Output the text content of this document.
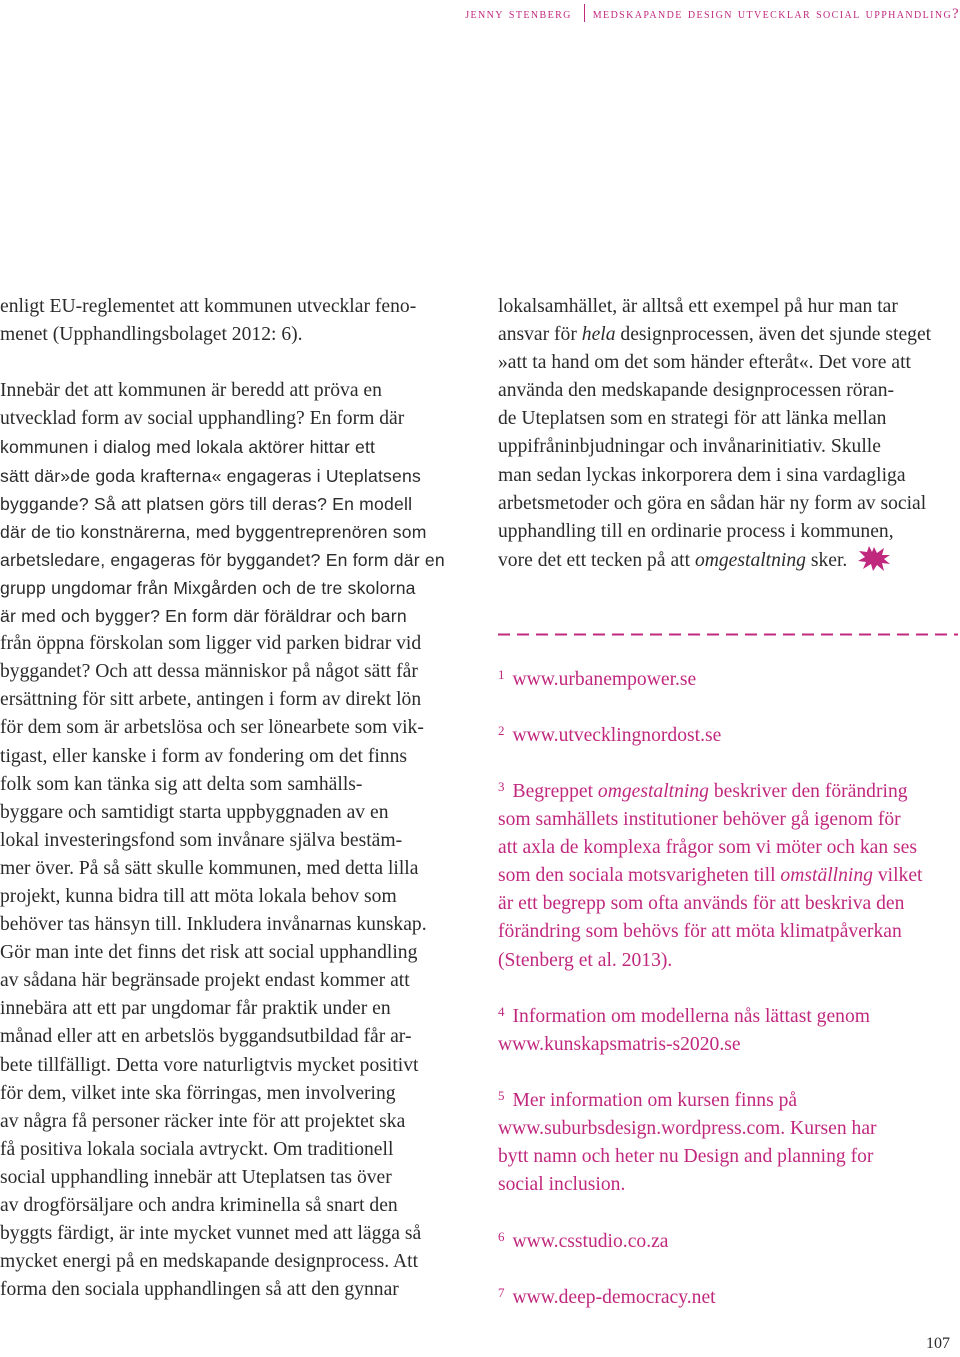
jenny stenberg medskapande design utvecklar social upphandling?

enligt EU-reglementet att kommunen utvecklar feno-
menet (Upphandlingsbolaget 2012: 6).

Innebär det att kommunen är beredd att pröva en
utvecklad form av social upphandling? En form där
kommunen i dialog med lokala aktörer hittar ett
sätt där»de goda krafterna« engageras i Uteplatsens
byggande? Så att platsen görs till deras? En modell
där de tio konstnärerna, med byggentreprenören som
arbetsledare, engageras för byggandet? En form där en
grupp ungdomar från Mixgården och de tre skolorna
är med och bygger? En form där föräldrar och barn
från öppna förskolan som ligger vid parken bidrar vid
byggandet? Och att dessa människor på något sätt får
ersättning för sitt arbete, antingen i form av direkt lön
för dem som är arbetslösa och ser lönearbete som vik-
tigast, eller kanske i form av fondering om det finns
folk som kan tänka sig att delta som samhälls-
byggare och samtidigt starta uppbyggnaden av en
lokal investeringsfond som invånare själva bestäm-
mer över. På så sätt skulle kommunen, med detta lilla
projekt, kunna bidra till att möta lokala behov som
behöver tas hänsyn till. Inkludera invånarnas kunskap.
Gör man inte det finns det risk att social upphandling
av sådana här begränsade projekt endast kommer att
innebära att ett par ungdomar får praktik under en
månad eller att en arbetslös byggandsutbildad får ar-
bete tillfälligt. Detta vore naturligtvis mycket positivt
för dem, vilket inte ska förringas, men involvering
av några få personer räcker inte för att projektet ska
få positiva lokala sociala avtryckt. Om traditionell
social upphandling innebär att Uteplatsen tas över
av drogförsäljare och andra kriminella så snart den
byggts färdigt, är inte mycket vunnet med att lägga så
mycket energi på en medskapande designprocess. Att
forma den sociala upphandlingen så att den gynnar

lokalsamhället, är alltså ett exempel på hur man tar
ansvar för hela designprocessen, även det sjunde steget
»att ta hand om det som händer efteråt«. Det vore att
använda den medskapande designprocessen röran-
de Uteplatsen som en strategi för att länka mellan
uppifråninbjudningar och invånarinitiativ. Skulle
man sedan lyckas inkorporera dem i sina vardagliga
arbetsmetoder och göra en sådan här ny form av social
upphandling till en ordinarie process i kommunen,
vore det ett tecken på att omgestaltning sker.
$^1$ www.urbanempower.se
$^2$ www.utvecklingnordost.se
$^3$ Begreppet omgestaltning beskriver den förändring
som samhällets institutioner behöver gå igenom för
att axla de komplexa frågor som vi möter och kan ses
som den sociala motsvarigheten till omställning vilket
är ett begrepp som ofta används för att beskriva den
förändring som behövs för att möta klimatpåverkan
(Stenberg et al. 2013).
$^4$ Information om modellerna nås lättast genom
www.kunskapsmatris-s2020.se
$^5$ Mer information om kursen finns på
www.suburbsdesign.wordpress.com. Kursen har
bytt namn och heter nu Design and planning for
social inclusion.
$^6$ www.csstudio.co.za
$^7$ www.deep-democracy.net
107
